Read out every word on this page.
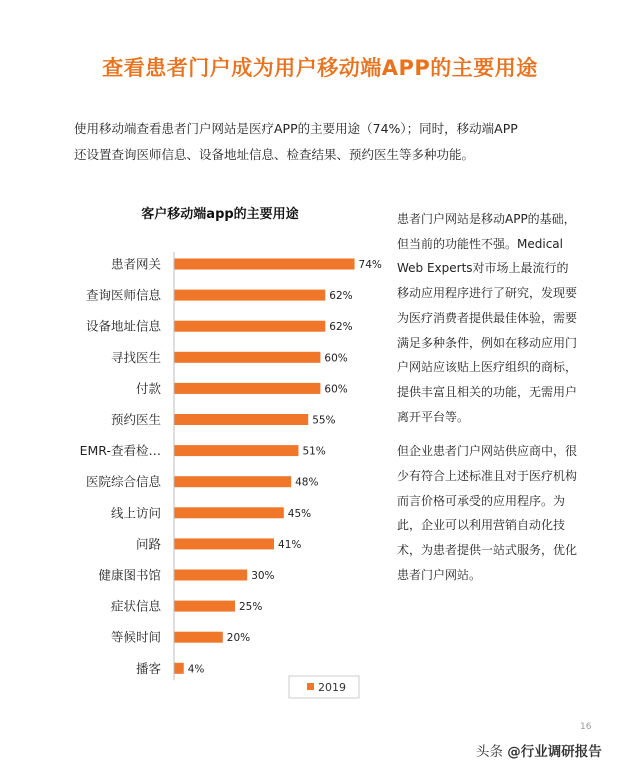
查看患者门户成为用户移动端APP的主要用途

使用移动端查看患者门户网站是医疗APP的主要用途（74%）；同时，移动端APP

还设置查询医师信息、设备地址信息、检查结果、预约医生等多种功能。

客户移动端app的主要用途
患者网关	74%
查询医师信息	62%
设备地址信息	62%
寻找医生	60%
付款	60%
预约医生	55%
EMR-查看检…	51%
医院综合信息	48%
线上访问	45%
问路	41%
健康图书馆	30%
症状信息	25%
等候时间	20%
播客	4%
2019

患者门户网站是移动APP的基础，但当前的功能性不强。Medical Web Experts对市场上最流行的移动应用程序进行了研究，发现要为医疗消费者提供最佳体验，需要满足多种条件，例如在移动应用门户网站应该贴上医疗组织的商标，提供丰富且相关的功能，无需用户离开平台等。

但企业患者门户网站供应商中，很少有符合上述标准且对于医疗机构而言价格可承受的应用程序。为此，企业可以利用营销自动化技术，为患者提供一站式服务，优化患者门户网站。

16
头条 @行业调研报告
